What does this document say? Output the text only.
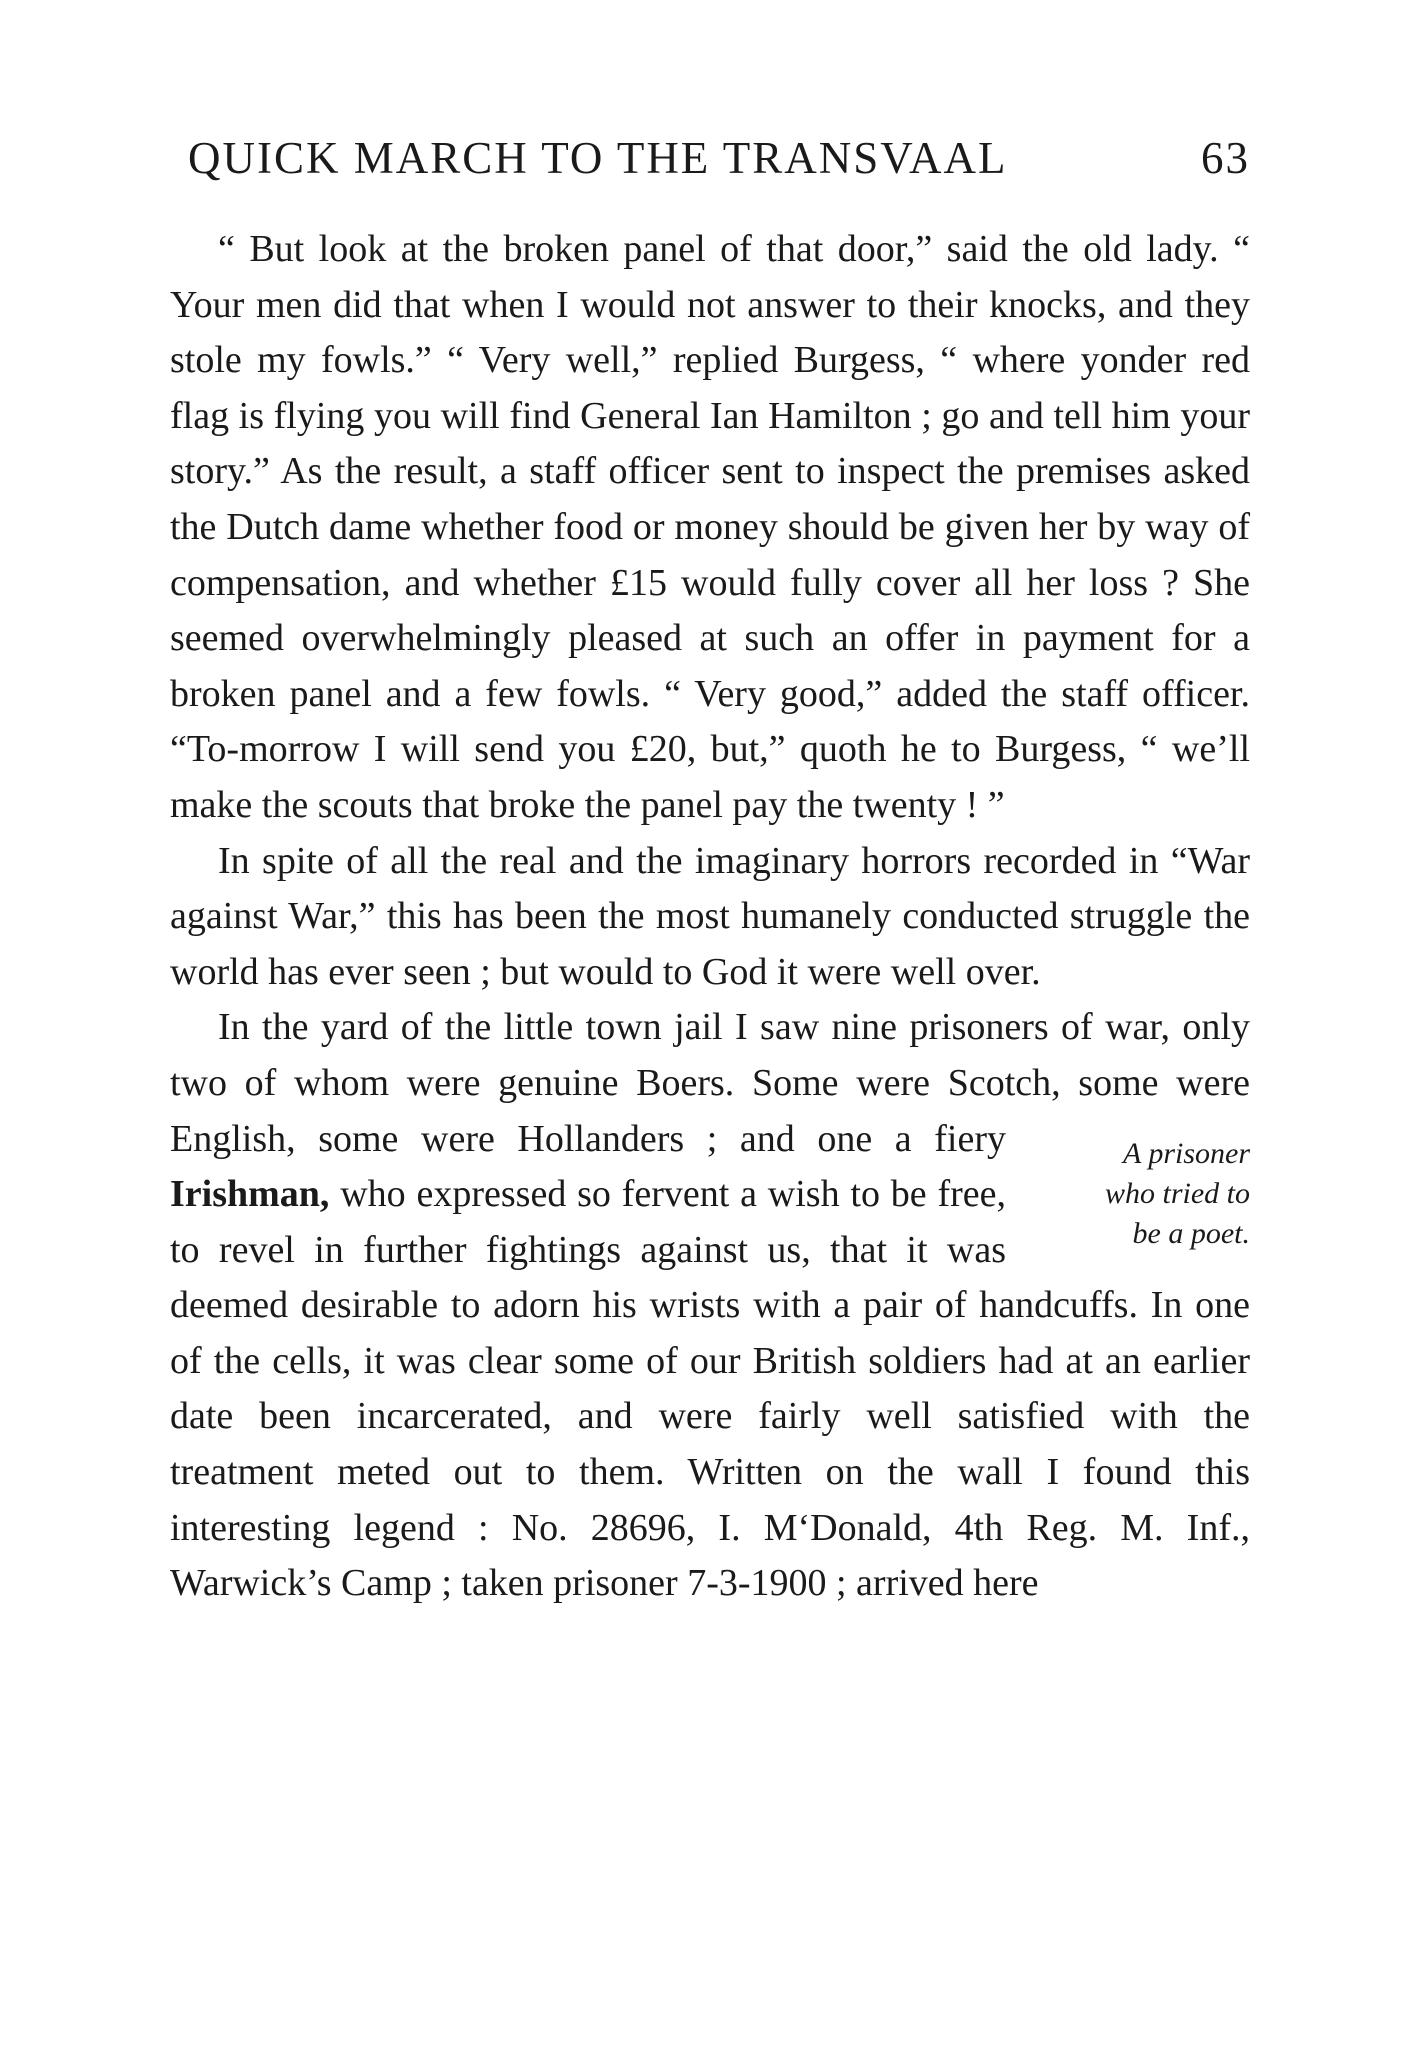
QUICK MARCH TO THE TRANSVAAL	63

“ But look at the broken panel of that door,” said the old lady. “ Your men did that when I would not answer to their knocks, and they stole my fowls.” “ Very well,” replied Burgess, “ where yonder red flag is flying you will find General Ian Hamilton ; go and tell him your story.” As the result, a staff officer sent to inspect the premises asked the Dutch dame whether food or money should be given her by way of compensation, and whether £15 would fully cover all her loss ? She seemed overwhelmingly pleased at such an offer in payment for a broken panel and a few fowls. “ Very good,” added the staff officer. “To-morrow I will send you £20, but,” quoth he to Burgess, “ we’ll make the scouts that broke the panel pay the twenty ! ”

In spite of all the real and the imaginary horrors recorded in “War against War,” this has been the most humanely conducted struggle the world has ever seen ; but would to God it were well over.

In the yard of the little town jail I saw nine prisoners of war, only two of whom were genuine Boers. Some were Scotch, some were English, some were Hollanders ; and one a fiery	A prisoner
who tried to
be a poet.
Irishman, who expressed so fervent a wish to be free, to revel in further fightings against us, that it was deemed desirable to adorn his wrists with a pair of handcuffs. In one of the cells, it was clear some of our British soldiers had at an earlier date been incarcerated, and were fairly well satisfied with the treatment meted out to them. Written on the wall I found this interesting legend : No. 28696, I. M‘Donald, 4th Reg. M. Inf., Warwick’s Camp ; taken prisoner 7-3-1900 ; arrived here
